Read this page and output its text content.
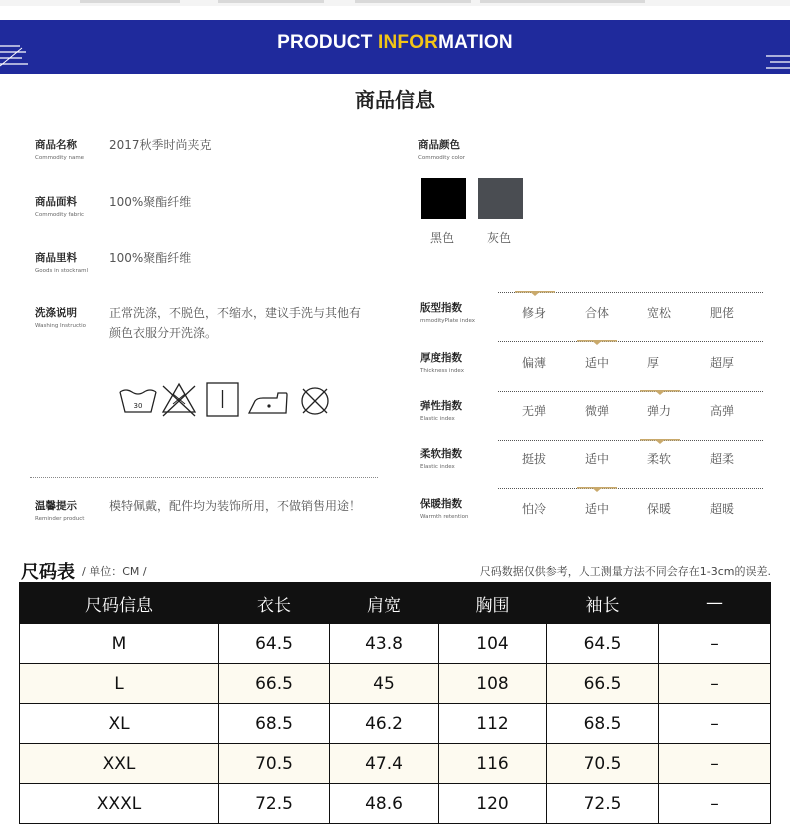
PRODUCT INFORMATION
商品信息
商品名称
Commodity name
2017秋季时尚夹克
商品面料
Commodity fabric
100%聚酯纤维
商品里料
Goods in stockraml
100%聚酯纤维
洗涤说明
Washing Instructio
正常洗涤，不脱色，不缩水，建议手洗与其他有
颜色衣服分开洗涤。
30
温馨提示
Reminder product
模特佩戴，配件均为装饰所用，不做销售用途！
商品颜色
Commodity color
黑色	灰色
版型指数
mmodityPlate index
修身	合体	宽松	肥佬
厚度指数
Thickness index
偏薄	适中	厚	超厚
弹性指数
Elastic index
无弹	微弹	弹力	高弹
柔软指数
Elastic index
挺拔	适中	柔软	超柔
保暖指数
Warmth retention
怕冷	适中	保暖	超暖
尺码表 / 单位：CM /	尺码数据仅供参考，人工测量方法不同会存在1-3cm的误差.
尺码信息	衣长	肩宽	胸围	袖长	—
M	64.5	43.8	104	64.5	–
L	66.5	45	108	66.5	–
XL	68.5	46.2	112	68.5	–
XXL	70.5	47.4	116	70.5	–
XXXL	72.5	48.6	120	72.5	–
